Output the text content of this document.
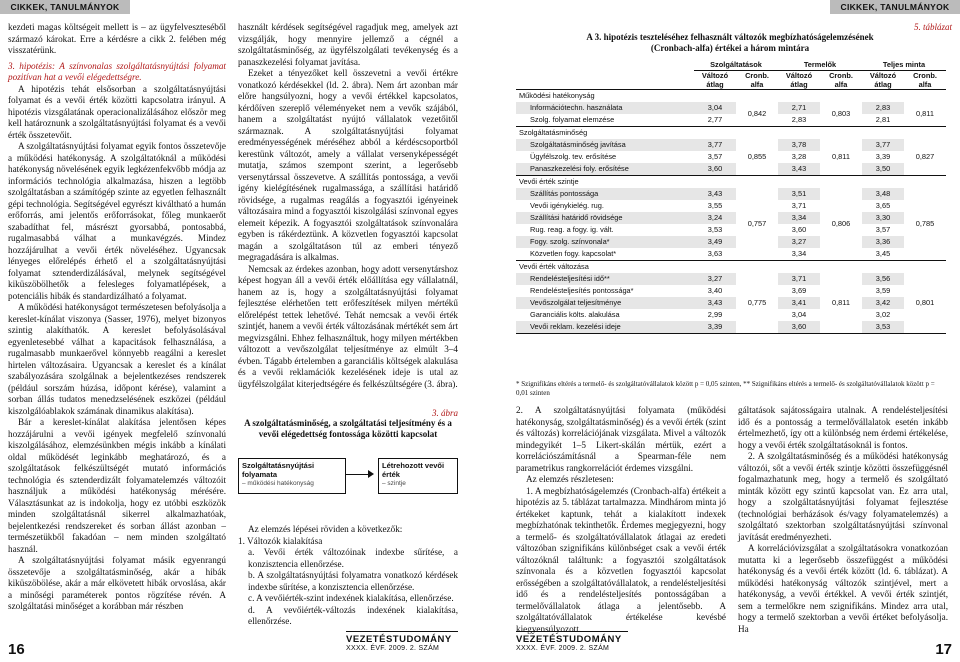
CIKKEK, TANULMÁNYOK

kezdeti magas költségeit mellett is – az ügyfelveszteséből származó károkat. Erre a kérdésre a cikk 2. felében még visszatérünk.

3. hipotézis: A színvonalas szolgáltatásnyújtási folyamat pozitívan hat a vevői elégedettségre.

A hipotézis tehát elsősorban a szolgáltatásnyújtási folyamat és a vevői érték közötti kapcsolatra irányul. A hipotézis vizsgálatának operacionalizálásához először meg kell határoznunk a szolgáltatásnyújtási folyamat és a vevői érték összetevőit.

A szolgáltatásnyújtási folyamat egyik fontos összetevője a működési hatékonyság. A szolgáltatóknál a működési hatékonyság növelésének egyik legkézenfekvőbb módja az információs technológia alkalmazása, hiszen a legtöbb szolgáltatásban a számítógép szinte az egyetlen felhasznált gépi technológia. Segítségével egyrészt kiváltható a humán erőforrás, ami jelentős erőforrásokat, főleg munkaerőt szabadíthat fel, másrészt gyorsabbá, pontosabbá, rugalmasabbá válhat a munkavégzés. Mindez hozzájárulhat a vevői érték növeléséhez. Ugyancsak lényeges előrelépés érhető el a szolgáltatásnyújtási folyamat sztenderdizálásával, melynek segítségével kiküszöbölhetők a felesleges folyamatlépések, a potenciális hibák és standardizálható a folyamat.

A működési hatékonyságot természetesen befolyásolja a kereslet-kínálat viszonya (Sasser, 1976), melyet bizonyos szintig alakíthatók. A kereslet befolyásolásával egyenletesebbé válhat a kapacitások felhasználása, a rugalmasabb munkaerővel könnyebb reagálni a kereslet hirtelen változásaira. Ugyancsak a kereslet és a kínálat szabályozására szolgálnak a bejelentkezéses rendszerek (például sorszám húzása, időpont kérése), valamint a sorban állás tudatos menedzselésének eszközei (például kiszolgálóablakok számának dinamikus alakítása).

Bár a kereslet-kínálat alakítása jelentősen képes hozzájárulni a vevői igények megfelelő színvonalú kiszolgálásához, elemzésünkben mégis inkább a kínálati oldal működését leginkább meghatározó, és a szolgáltatások felkészültségét mutató információs technológia és sztenderdizált folyamatelemzés változóit használjuk a működési hatékonyság mérésére. Választásunkat az is indokolja, hogy ez utóbbi eszközök minden szolgáltatásnál sikerrel alkalmazhatóak, bejelentkezési rendszereket és sorban állást azonban – természetükből fakadóan – nem minden szolgáltató használ.

A szolgáltatásnyújtási folyamat másik egyenrangú összetevője a szolgáltatásminőség, akár a hibák kiküszöbölése, akár a már elkövetett hibák orvoslása, akár a minőségi paraméterek pontos rögzítése révén. A szolgáltatási minőséget a korábban már részben

használt kérdések segítségével ragadjuk meg, amelyek azt vizsgálják, hogy mennyire jellemző a cégnél a szolgáltatásminőség, az ügyfélszolgálati tevékenység és a panaszkezelési folyamat javítása.

Ezeket a tényezőket kell összevetni a vevői értékre vonatkozó kérdésekkel (ld. 2. ábra). Nem árt azonban már előre hangsúlyozni, hogy a vevői értékkel kapcsolatos, kérdőíven szereplő véleményeket nem a vevők szájából, hanem a szolgáltatást nyújtó vállalatok vezetőitől származnak. A szolgáltatásnyújtási folyamat eredményességének méréséhez abból a kérdéscsoportból kerestünk változót, amely a vállalat versenyképességét mutatja, számos szempont szerint, a legerősebb versenytárssal összevetve. A szállítás pontossága, a vevői igény kielégítésének rugalmassága, a szállítási határidő rövidsége, a rugalmas reagálás a fogyasztói igényeinek változásaira mind a fogyasztói kiszolgálási színvonal egyes elemeit képezik. A fogyasztói szolgáltatások színvonalára egyben is rákérdeztünk. A közvetlen fogyasztói kapcsolat magán a szolgáltatáson túl az emberi tényező megragadására is alkalmas.

Nemcsak az érdekes azonban, hogy adott versenytárshoz képest hogyan áll a vevői érték előállítása egy vállalatnál, hanem az is, hogy a szolgáltatásnyújtási folyamat fejlesztése elérhetően tett erőfeszítések milyen mértékű előrelépést tettek lehetővé. Tehát nemcsak a vevői érték szintjét, hanem a vevői érték változásának mértékét sem árt megvizsgálni. Ehhez felhasználtuk, hogy milyen mértékben változott a vevőszolgálat teljesítménye az elmúlt 3–4 évben. Tágabb értelemben a garanciális költségek alakulása és a vevői reklamációk kezelésének ideje is utal az ügyfélszolgálat kiterjedtségére és felkészültségére (3. ábra).

3. ábra
A szolgáltatásminőség, a szolgáltatási teljesítmény és a vevői elégedettség fontossága közötti kapcsolat
Szolgáltatásnyújtási folyamata
– működési hatékonyság
Létrehozott vevői érték
– szintje

Az elemzés lépései röviden a következők:

1. Változók kialakítása

a. Vevői érték változóinak indexbe sűrítése, a konzisztencia ellenőrzése.

b. A szolgáltatásnyújtási folyamatra vonatkozó kérdések indexbe sűrítése, a konzisztencia ellenőrzése.

c. A vevőiérték-szint indexének kialakítása, ellenőrzése.

d. A vevőiérték-változás indexének kialakítása, ellenőrzése.

16
VEZETÉSTUDOMÁNY
XXXX. ÉVF. 2009. 2. SZÁM
CIKKEK, TANULMÁNYOK
5. táblázat
A 3. hipotézis teszteléséhez felhasznált változók megbízhatóságelemzésének (Cronbach-alfa) értékei a három mintára
	Szolgáltatások		Termelők		Teljes minta	
	Változó átlag	Cronb. alfa	Változó átlag	Cronb. alfa	Változó átlag	Cronb. alfa
Működési hatékonyság						
Információtechn. használata	3,04	0,842	2,71	0,803	2,83	0,811
Szolg. folyamat elemzése	2,77		2,83		2,81	
Szolgáltatásminőség						
Szolgáltatásminőség javítása	3,77	0,855	3,78	0,811	3,77	0,827
Ügyfélszolg. tev. erősítése	3,57		3,28		3,39	
Panaszkezelési foly. erősítése	3,60		3,43		3,50	
Vevői érték szintje						
Szállítás pontossága	3,43	0,757	3,51	0,806	3,48	0,785
Vevői igénykielég. rug.	3,55		3,71		3,65	
Szállítási határidő rövidsége	3,24		3,34		3,30	
Rug. reag. a fogy. ig. vált.	3,53		3,60		3,57	
Fogy. szolg. színvonala*	3,49		3,27		3,36	
Közvetlen fogy. kapcsolat*	3,63		3,34		3,45	
Vevői érték változása						
Rendelésteljesítési idő**	3,27	0,775	3,71	0,811	3,56	0,801
Rendelésteljesítés pontossága*	3,40		3,69		3,59	
Vevőszolgálat teljesítménye	3,43		3,41		3,42	
Garanciális költs. alakulása	2,99		3,04		3,02	
Vevői reklam. kezelési ideje	3,39		3,60		3,53	

* Szignifikáns eltérés a termelő- és szolgáltatóvállalatok között p = 0,05 szinten, ** Szignifikáns eltérés a termelő- és szolgáltatóvállalatok között p = 0,01 szinten

2. A szolgáltatásnyújtási folyamata (működési hatékonyság, szolgáltatásminőség) és a vevői érték (szint és változás) korrelációjának vizsgálata. Mivel a változók mindegyikét 1–5 Likert-skálán mértük, ezért a korrelációszámításnál a Spearman-féle nem parametrikus rangkorrelációt érdemes vizsgálni.

Az elemzés részletesen:

1. A megbízhatóságelemzés (Cronbach-alfa) értékeit a hipotézis az 5. táblázat tartalmazza. Mindhárom minta jó értékeket kaptunk, tehát a kialakított indexek megbízhatónak tekinthetők. Érdemes megjegyezni, hogy a termelő- és szolgáltatóvállalatok átlagai az eredeti változóban szignifikáns különbséget csak a vevői érték változóknál találtunk: a fogyasztói szolgáltatások színvonala és a közvetlen fogyasztói kapcsolat erősségében a szolgáltatóvállalatok, a rendelésteljesítési idő és a rendelésteljesítés pontosságában a termelővállalatok átlaga a jelentősebb. A szolgáltatóvállalatok értékelése kevésbé kiegyensúlyozott.

gáltatások sajátosságaira utalnak. A rendelésteljesítési idő és a pontosság a termelővállalatok esetén inkább értelmezhető, így ott a különbség nem érdemi értékelése, hogy a vevői érték szolgáltatásoknál is fontos.

2. A szolgáltatásminőség és a működési hatékonyság változói, sőt a vevői érték szintje közötti összefüggésnél fogalmazhatunk meg, hogy a termelő és szolgáltató minták között egy szintű kapcsolat van. Ez arra utal, hogy a szolgáltatásnyújtási folyamat fejlesztése (technológiai berházások és/vagy folyamatelemzés) a szolgáltató szektorban szolgáltatásnyújtási színvonal javítását eredményezheti.

A korrelációvizsgálat a szolgáltatásokra vonatkozóan mutatta ki a legerősebb összefüggést a működési hatékonyság és a vevői érték között (ld. 6. táblázat). A működési hatékonyság változók szintjével, mert a hatékonyság, a vevői értékkel. A vevői érték szintjét, sem a termelőkre nem szignifikáns. Mindez arra utal, hogy a termelő szektorban a vevői értéket befolyásolja. Ha

VEZETÉSTUDOMÁNY
XXXX. ÉVF. 2009. 2. SZÁM	17
